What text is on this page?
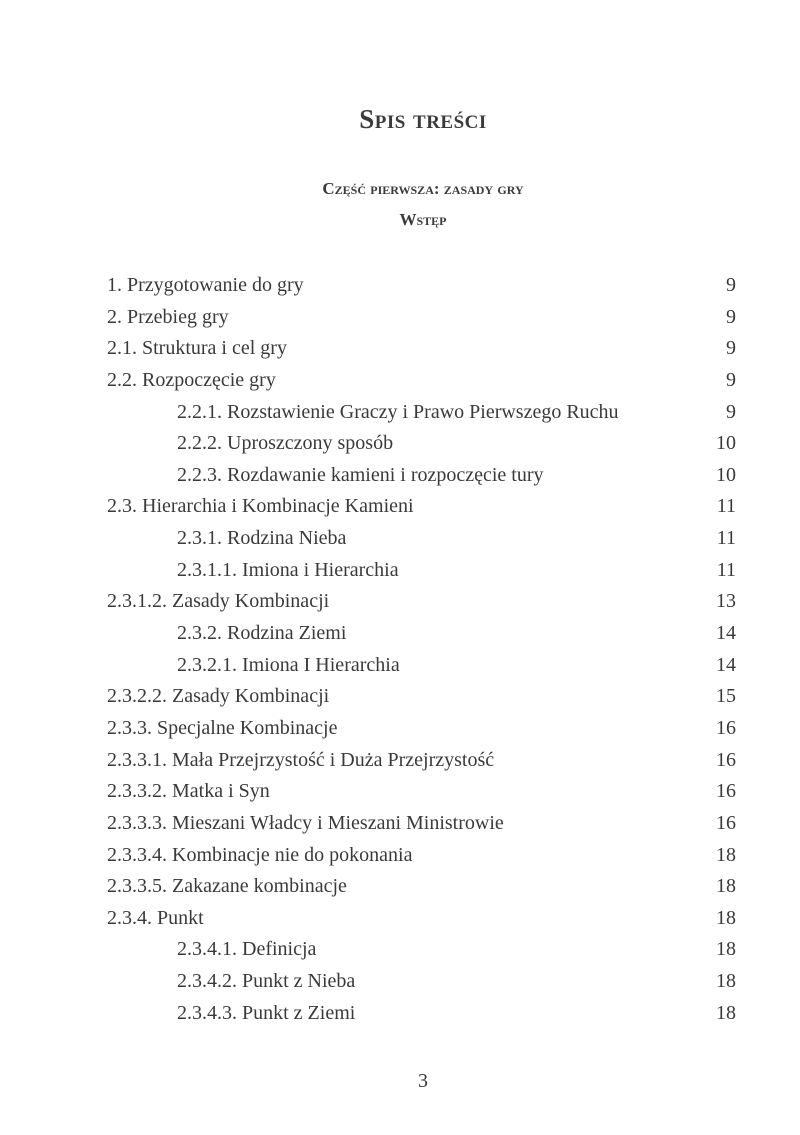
Spis treści
Część pierwsza: zasady gry
Wstęp
1. Przygotowanie do gry	9
2. Przebieg gry	9
2.1. Struktura i cel gry	9
2.2. Rozpoczęcie gry	9
2.2.1. Rozstawienie Graczy i Prawo Pierwszego Ruchu	9
2.2.2. Uproszczony sposób	10
2.2.3. Rozdawanie kamieni i rozpoczęcie tury	10
2.3. Hierarchia i Kombinacje Kamieni	11
2.3.1. Rodzina Nieba	11
2.3.1.1. Imiona i Hierarchia	11
2.3.1.2. Zasady Kombinacji	13
2.3.2. Rodzina Ziemi	14
2.3.2.1. Imiona I Hierarchia	14
2.3.2.2. Zasady Kombinacji	15
2.3.3. Specjalne Kombinacje	16
2.3.3.1. Mała Przejrzystość i Duża Przejrzystość	16
2.3.3.2. Matka i Syn	16
2.3.3.3. Mieszani Władcy i Mieszani Ministrowie	16
2.3.3.4. Kombinacje nie do pokonania	18
2.3.3.5. Zakazane kombinacje	18
2.3.4. Punkt	18
2.3.4.1. Definicja	18
2.3.4.2. Punkt z Nieba	18
2.3.4.3. Punkt z Ziemi	18
3
